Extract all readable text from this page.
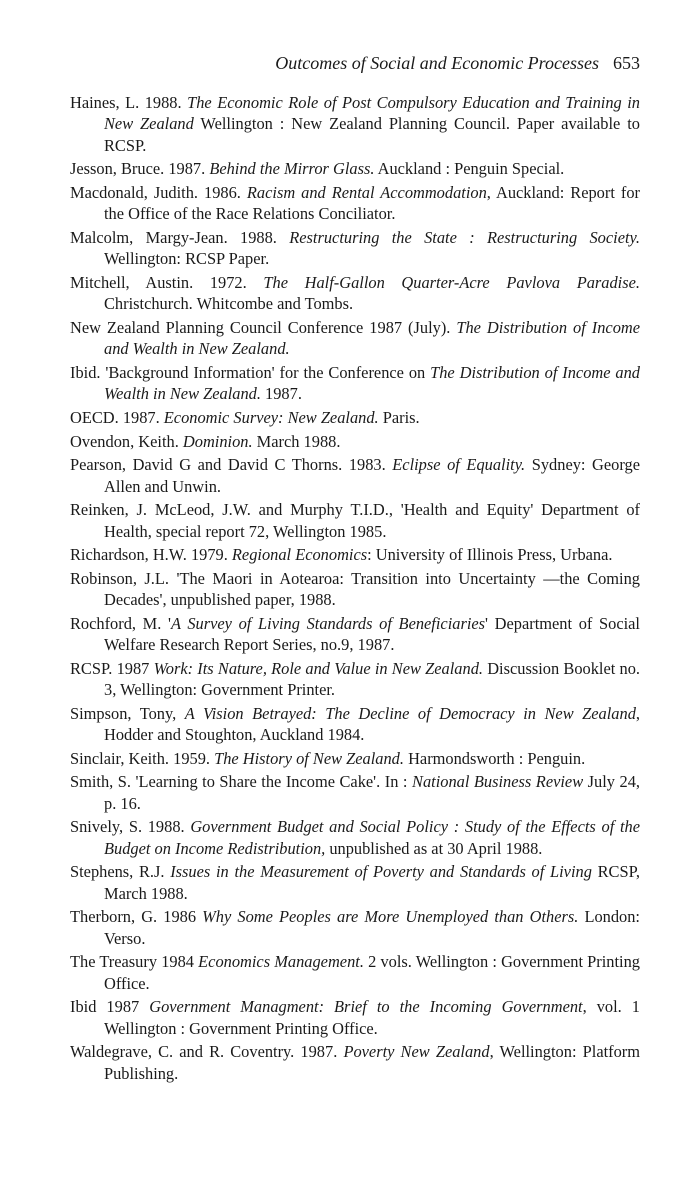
Outcomes of Social and Economic Processes 653

Haines, L. 1988. The Economic Role of Post Compulsory Education and Training in New Zealand Wellington : New Zealand Planning Council. Paper available to RCSP.

Jesson, Bruce. 1987. Behind the Mirror Glass. Auckland : Penguin Special.

Macdonald, Judith. 1986. Racism and Rental Accommodation, Auckland: Report for the Office of the Race Relations Conciliator.

Malcolm, Margy-Jean. 1988. Restructuring the State : Restructuring Society. Wellington: RCSP Paper.

Mitchell, Austin. 1972. The Half-Gallon Quarter-Acre Pavlova Paradise. Christchurch. Whitcombe and Tombs.

New Zealand Planning Council Conference 1987 (July). The Distribution of Income and Wealth in New Zealand.

Ibid. 'Background Information' for the Conference on The Distribution of Income and Wealth in New Zealand. 1987.

OECD. 1987. Economic Survey: New Zealand. Paris.

Ovendon, Keith. Dominion. March 1988.

Pearson, David G and David C Thorns. 1983. Eclipse of Equality. Sydney: George Allen and Unwin.

Reinken, J. McLeod, J.W. and Murphy T.I.D., 'Health and Equity' Department of Health, special report 72, Wellington 1985.

Richardson, H.W. 1979. Regional Economics: University of Illinois Press, Urbana.

Robinson, J.L. 'The Maori in Aotearoa: Transition into Uncertainty —the Coming Decades', unpublished paper, 1988.

Rochford, M. 'A Survey of Living Standards of Beneficiaries' Department of Social Welfare Research Report Series, no.9, 1987.

RCSP. 1987 Work: Its Nature, Role and Value in New Zealand. Discussion Booklet no. 3, Wellington: Government Printer.

Simpson, Tony, A Vision Betrayed: The Decline of Democracy in New Zealand, Hodder and Stoughton, Auckland 1984.

Sinclair, Keith. 1959. The History of New Zealand. Harmondsworth : Penguin.

Smith, S. 'Learning to Share the Income Cake'. In : National Business Review July 24, p. 16.

Snively, S. 1988. Government Budget and Social Policy : Study of the Effects of the Budget on Income Redistribution, unpublished as at 30 April 1988.

Stephens, R.J. Issues in the Measurement of Poverty and Standards of Living RCSP, March 1988.

Therborn, G. 1986 Why Some Peoples are More Unemployed than Others. London: Verso.

The Treasury 1984 Economics Management. 2 vols. Wellington : Government Printing Office.

Ibid 1987 Government Managment: Brief to the Incoming Government, vol. 1 Wellington : Government Printing Office.

Waldegrave, C. and R. Coventry. 1987. Poverty New Zealand, Wellington: Platform Publishing.
